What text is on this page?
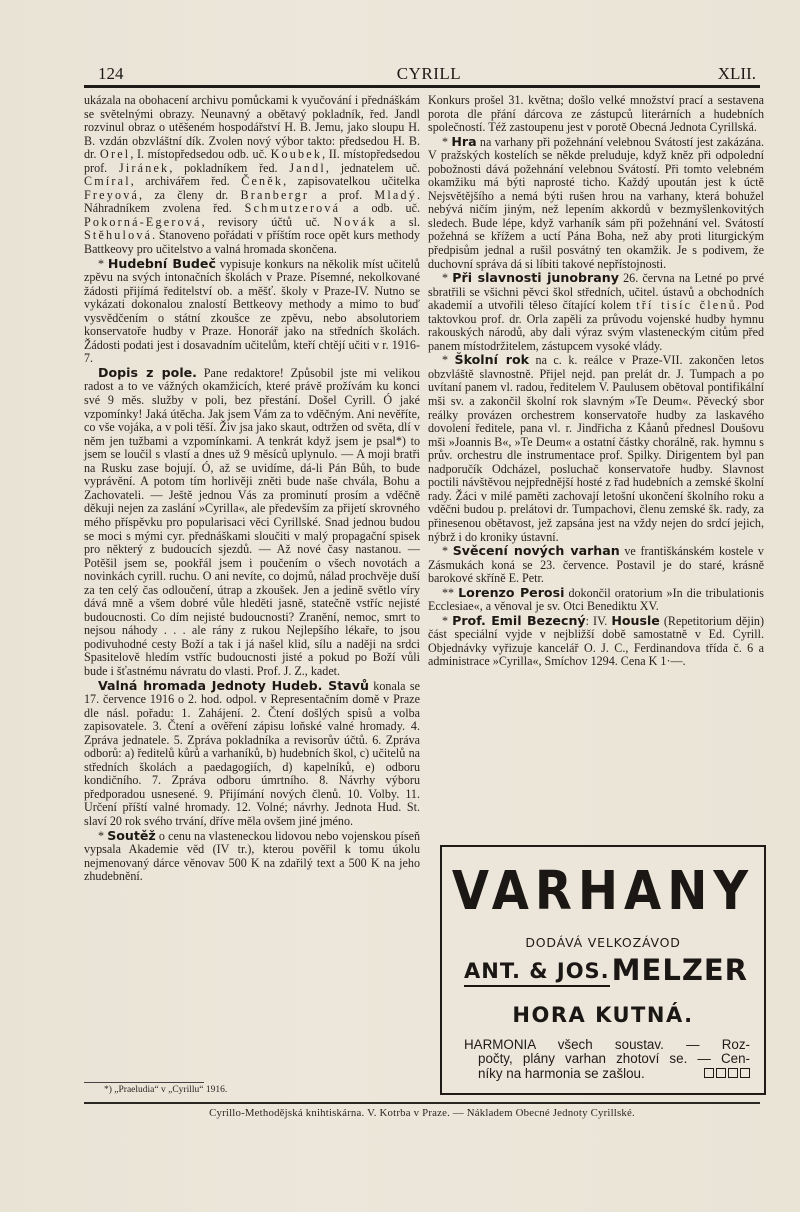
124	CYRILL	XLII.

ukázala na obohacení archivu pomůckami k vyučování i přednáškám se světelnými obrazy. Neunavný a obětavý pokladník, řed. Jandl rozvinul obraz o utěšeném hospodářství H. B. Jemu, jako sloupu H. B. vzdán obzvláštní dík. Zvolen nový výbor takto: předsedou H. B. dr. Orel, I. místopředsedou odb. uč. Koubek, II. místopředsedou prof. Jiránek, pokladníkem řed. Jandl, jednatelem uč. Cmíral, archivářem řed. Čeněk, zapisovatelkou učitelka Freyová, za členy dr. Branbergr a prof. Mladý. Náhradníkem zvolena řed. Schmutzerová a odb. uč. Pokorná-Egerová, revisory účtů uč. Novák a sl. Stěhulová. Stanoveno pořádati v příštím roce opět kurs methody Battkeovy pro učitelstvo a valná hromada skončena.

* Hudební Budeč vypisuje konkurs na několik míst učitelů zpěvu na svých intonačních školách v Praze. Písemné, nekolkované žádosti přijímá ředitelství ob. a měšť. školy v Praze-IV. Nutno se vykázati dokonalou znalostí Bettkeovy methody a mimo to buď vysvědčením o státní zkoušce ze zpěvu, nebo absolutoriem konservatoře hudby v Praze. Honorář jako na středních školách. Žádosti podati jest i dosavadním učitelům, kteří chtějí učiti v r. 1916-7.

Dopis z pole. Pane redaktore! Způsobil jste mi velikou radost a to ve vážných okamžicích, které právě prožívám ku konci své 9 měs. služby v poli, bez přestání. Došel Cyrill. Ó jaké vzpomínky! Jaká útěcha. Jak jsem Vám za to vděčným. Ani nevěříte, co vše vojáka, a v poli těší. Živ jsa jako skaut, odtržen od světa, dlí v něm jen tužbami a vzpomínkami. A tenkrát když jsem je psal*) to jsem se loučil s vlastí a dnes už 9 měsíců uplynulo. — A moji bratři na Rusku zase bojují. Ó, až se uvidíme, dá-li Pán Bůh, to bude vyprávění. A potom tím horlivěji zněti bude naše chvála, Bohu a Zachovateli. — Ještě jednou Vás za prominutí prosím a vděčně děkuji nejen za zaslání »Cyrilla«, ale především za přijetí skrovného mého příspěvku pro popularisaci věci Cyrillské. Snad jednou budou se moci s mými cyr. přednáškami sloučiti v malý propagační spisek pro některý z budoucích sjezdů. — Až nové časy nastanou. — Potěšil jsem se, pookřál jsem i poučením o všech novotách a novinkách cyrill. ruchu. O ani nevíte, co dojmů, nálad prochvěje duší za ten celý čas odloučení, útrap a zkoušek. Jen a jedině světlo víry dává mně a všem dobré vůle hleděti jasně, statečně vstříc nejisté budoucnosti. Co dím nejisté budoucnosti? Zranění, nemoc, smrt to nejsou náhody . . . ale rány z rukou Nejlepšího lékaře, to jsou podivuhodné cesty Boží a tak i já našel klid, sílu a naději na srdci Spasitelově hledím vstříc budoucnosti jisté a pokud po Boží vůli bude i šťastnému návratu do vlasti. Prof. J. Z., kadet.

Valná hromada Jednoty Hudeb. Stavů konala se 17. července 1916 o 2. hod. odpol. v Representačním domě v Praze dle násl. pořadu: 1. Zahájení. 2. Čtení došlých spisů a volba zapisovatele. 3. Čtení a ověření zápisu loňské valné hromady. 4. Zpráva jednatele. 5. Zpráva pokladníka a revisorův účtů. 6. Zpráva odborů: a) ředitelů kůrů a varhaníků, b) hudebních škol, c) učitelů na středních školách a paedagogiích, d) kapelníků, e) odboru kondičního. 7. Zpráva odboru úmrtního. 8. Návrhy výboru předporadou usnesené. 9. Přijímání nových členů. 10. Volby. 11. Určení příští valné hromady. 12. Volné; návrhy. Jednota Hud. St. slaví 20 rok svého trvání, dříve měla ovšem jiné jméno.

* Soutěž o cenu na vlasteneckou lidovou nebo vojenskou píseň vypsala Akademie věd (IV tr.), kterou pověřil k tomu úkolu nejmenovaný dárce věnovav 500 K na zdařilý text a 500 K na jeho zhudebnění.

*) „Praeludia“ v „Cyrillu“ 1916.

Konkurs prošel 31. května; došlo velké množství prací a sestavena porota dle přání dárcova ze zástupců literárních a hudebních společností. Též zastoupenu jest v porotě Obecná Jednota Cyrillská.

* Hra na varhany při požehnání velebnou Svátostí jest zakázána. V pražských kostelích se někde preluduje, když kněz při odpolední pobožnosti dává požehnání velebnou Svátostí. Při tomto velebném okamžiku má býti naprosté ticho. Každý upoután jest k úctě Nejsvětějšího a nemá býti rušen hrou na varhany, která bohužel nebývá ničím jiným, než lepením akkordů v bezmyšlenkovitých sledech. Bude lépe, když varhaník sám při požehnání vel. Svátostí požehná se křížem a uctí Pána Boha, než aby proti liturgickým předpisům jednal a rušil posvátný ten okamžik. Je s podivem, že duchovní správa dá si líbiti takové nepřístojnosti.

* Při slavnosti junobrany 26. června na Letné po prvé sbratřili se všichni pěvci škol středních, učitel. ústavů a obchodních akademií a utvořili těleso čítající kolem tří tisíc členů. Pod taktovkou prof. dr. Orla zapěli za průvodu vojenské hudby hymnu rakouských národů, aby dali výraz svým vlasteneckým citům před panem místodržitelem, zástupcem vysoké vlády.

* Školní rok na c. k. reálce v Praze-VII. zakončen letos obzvláště slavnostně. Přijel nejd. pan prelát dr. J. Tumpach a po uvítaní panem vl. radou, ředitelem V. Paulusem obětoval pontifikální mši sv. a zakončil školní rok slavným »Te Deum«. Pěvecký sbor reálky provázen orchestrem konservatoře hudby za laskavého dovolení ředitele, pana vl. r. Jindřicha z Kåanů přednesl Doušovu mši »Joannis B«, »Te Deum« a ostatní částky chorálně, rak. hymnu s prův. orchestru dle instrumentace prof. Spilky. Dirigentem byl pan nadporučík Odcházel, posluchač konservatoře hudby. Slavnost poctili návštěvou nejpřednější hosté z řad hudebních a zemské školní rady. Žáci v milé paměti zachovají letošní ukončení školního roku a vděčni budou p. prelátovi dr. Tumpachovi, členu zemské šk. rady, za přinesenou obětavost, jež zapsána jest na vždy nejen do srdcí jejich, nýbrž i do kroniky ústavní.

* Svěcení nových varhan ve františkánském kostele v Zásmukách koná se 23. července. Postavil je do staré, krásně barokové skříně E. Petr.

** Lorenzo Perosi dokončil oratorium »In die tribulationis Ecclesiae«, a věnoval je sv. Otci Benediktu XV.

* Prof. Emil Bezecný: IV. Housle (Repetitorium dějin) část speciální vyjde v nejbližší době samostatně v Ed. Cyrill. Objednávky vyřizuje kancelář O. J. C., Ferdinandova třída č. 6 a administrace »Cyrilla«, Smíchov 1294. Cena K 1·—.

VARHANY
DODÁVÁ VELKOZÁVOD
ANT. & JOS. MELZER
HORA KUTNÁ.
HARMONIA všech soustav. — Roz-
počty, plány varhan zhotoví se. — Cen-
níky na harmonia se zašlou.
Cyrillo-Methodějská knihtiskárna. V. Kotrba v Praze. — Nákladem Obecné Jednoty Cyrillské.
